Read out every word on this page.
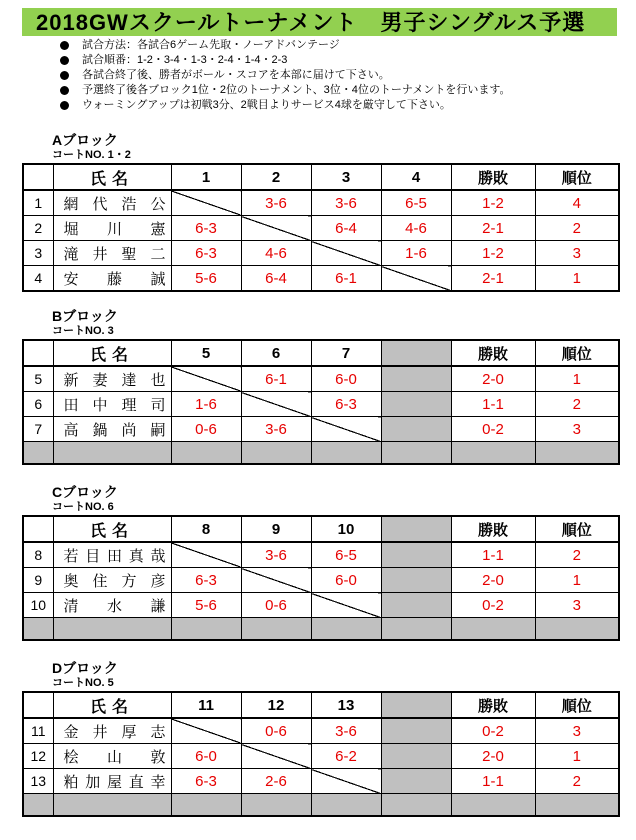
2018GWスクールトーナメント　男子シングルス予選
試合方法：各試合6ゲーム先取・ノーアドバンテージ
試合順番：1-2・3-4・1-3・2-4・1-4・2-3
各試合終了後、勝者がボール・スコアを本部に届けて下さい。
予選終了後各ブロック1位・2位のトーナメント、3位・4位のトーナメントを行います。
ウォーミングアップは初戦3分、2戦目よりサービス4球を厳守して下さい。
Aブロック
コートNO. 1・2
	氏名	1	2	3	4	勝敗	順位
1	網代浩公		3-6	3-6	6-5	1-2	4
2	堀川憲	6-3		6-4	4-6	2-1	2
3	滝井聖二	6-3	4-6		1-6	1-2	3
4	安藤誠	5-6	6-4	6-1		2-1	1
Bブロック
コートNO. 3
	氏名	5	6	7		勝敗	順位
5	新妻達也		6-1	6-0		2-0	1
6	田中理司	1-6		6-3		1-1	2
7	高鍋尚嗣	0-6	3-6			0-2	3

Cブロック
コートNO. 6
	氏名	8	9	10		勝敗	順位
8	若目田真哉		3-6	6-5		1-1	2
9	奥住方彦	6-3		6-0		2-0	1
10	清水謙	5-6	0-6			0-2	3

Dブロック
コートNO. 5
	氏名	11	12	13		勝敗	順位
11	金井厚志		0-6	3-6		0-2	3
12	桧山敦	6-0		6-2		2-0	1
13	粕加屋直幸	6-3	2-6			1-1	2
